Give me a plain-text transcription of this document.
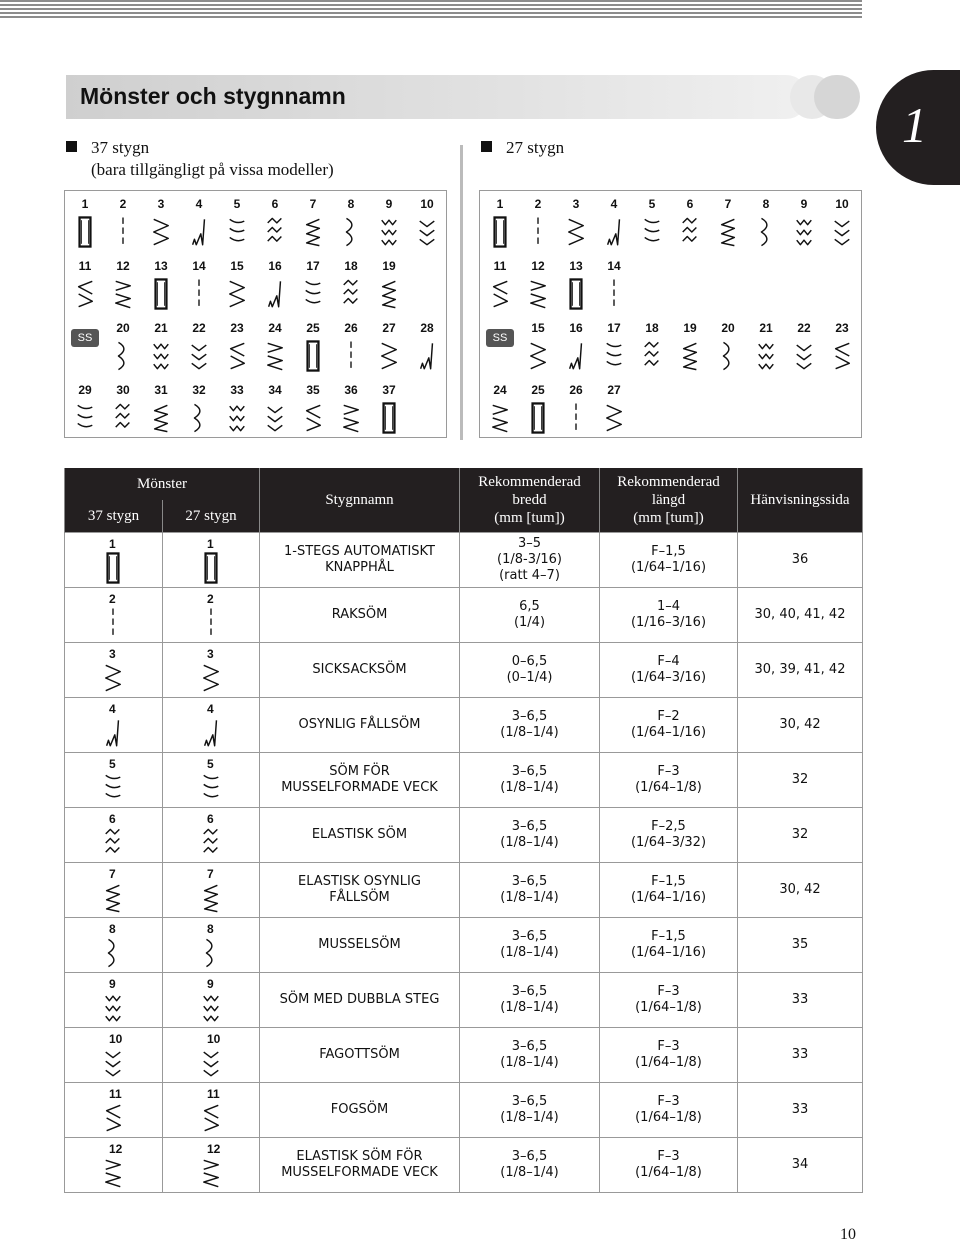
Mönster och stygnnamn
1
37 stygn
(bara tillgängligt på vissa modeller)
27 stygn
1	2	3	4	5	6	7	8	9	10
11	12	13	14	15	16	17	18	19
SS
20	21	22	23	24	25	26	27	28
29	30	31	32	33	34	35	36	37
1	2	3	4	5	6	7	8	9	10
11	12	13	14
SS
15	16	17	18	19	20	21	22	23
24	25	26	27
Mönster		Stygnnamn	Rekommenderad
bredd
(mm [tum])	Rekommenderad
längd
(mm [tum])	Hänvisningssida
37 stygn	27 stygn				

1	1	1-STEGS AUTOMATISKT
KNAPPHÅL	3–5
(1/8-3/16)
(ratt 4–7)	F–1,5
(1/64–1/16)	36

2	2	RAKSÖM	6,5
(1/4)	1–4
(1/16–3/16)	30, 40, 41, 42

3	3	SICKSACKSÖM	0–6,5
(0–1/4)	F–4
(1/64–3/16)	30, 39, 41, 42

4	4	OSYNLIG FÅLLSÖM	3–6,5
(1/8–1/4)	F–2
(1/64–1/16)	30, 42

5	5	SÖM FÖR
MUSSELFORMADE VECK	3–6,5
(1/8–1/4)	F–3
(1/64–1/8)	32

6	6	ELASTISK SÖM	3–6,5
(1/8–1/4)	F–2,5
(1/64–3/32)	32

7	7	ELASTISK OSYNLIG
FÅLLSÖM	3–6,5
(1/8–1/4)	F–1,5
(1/64–1/16)	30, 42

8	8	MUSSELSÖM	3–6,5
(1/8–1/4)	F–1,5
(1/64–1/16)	35

9	9	SÖM MED DUBBLA STEG	3–6,5
(1/8–1/4)	F–3
(1/64–1/8)	33

10	10	FAGOTTSÖM	3–6,5
(1/8–1/4)	F–3
(1/64–1/8)	33

11	11	FOGSÖM	3–6,5
(1/8–1/4)	F–3
(1/64–1/8)	33

12	12	ELASTISK SÖM FÖR
MUSSELFORMADE VECK	3–6,5
(1/8–1/4)	F–3
(1/64–1/8)	34
10
